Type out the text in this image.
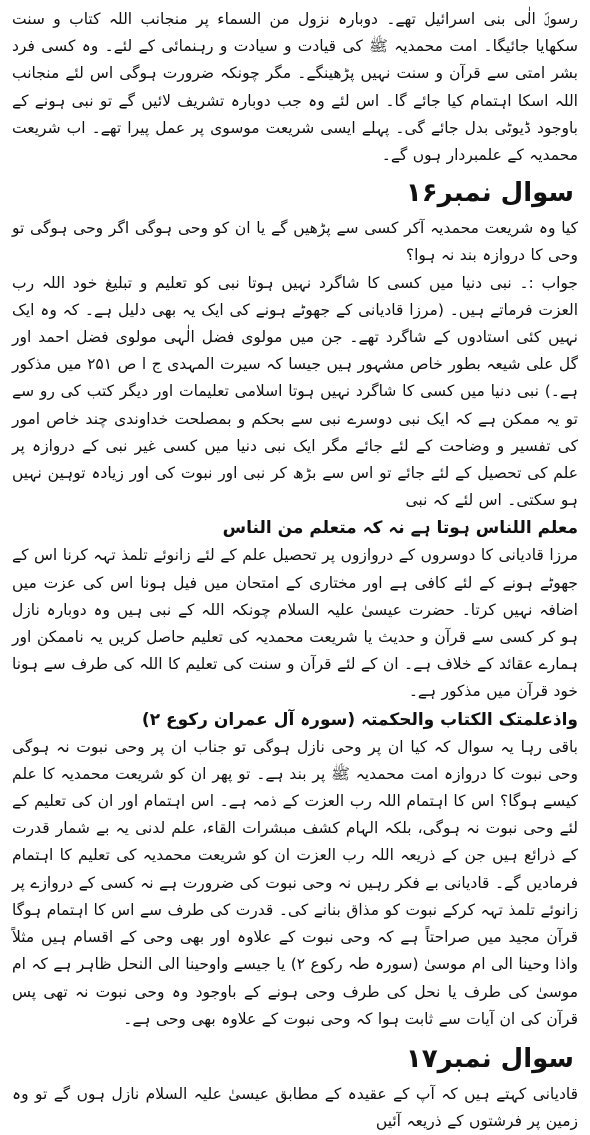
رسولؐ الٰی بنی اسرائیل تھے۔ دوبارہ نزول من السماء پر منجانب اللہ کتاب و سنت سکھایا جائیگا۔ امت محمدیہ ﷺ کی قیادت و سیادت و رہنمائی کے لئے۔ وہ کسی فرد بشر امتی سے قرآن و سنت نہیں پڑھینگے۔ مگر چونکہ ضرورت ہوگی اس لئے منجانب اللہ اسکا اہتمام کیا جائے گا۔ اس لئے وہ جب دوبارہ تشریف لائیں گے تو نبی ہونے کے باوجود ڈیوٹی بدل جائے گی۔ پہلے ایسی شریعت موسوی پر عمل پیرا تھے۔ اب شریعت محمدیہ کے علمبردار ہوں گے۔

سوال نمبر۱۶

کیا وہ شریعت محمدیہ آکر کسی سے پڑھیں گے یا ان کو وحی ہوگی اگر وحی ہوگی تو وحی کا دروازہ بند نہ ہوا؟

جواب :۔ نبی دنیا میں کسی کا شاگرد نہیں ہوتا نبی کو تعلیم و تبلیغ خود اللہ رب العزت فرماتے ہیں۔ (مرزا قادیانی کے جھوٹے ہونے کی ایک یہ بھی دلیل ہے۔ کہ وہ ایک نہیں کئی استادوں کے شاگرد تھے۔ جن میں مولوی فضل الٰہی مولوی فضل احمد اور گل علی شیعہ بطور خاص مشہور ہیں جیسا کہ سیرت المہدی ج ا ص ۲۵۱ میں مذکور ہے۔) نبی دنیا میں کسی کا شاگرد نہیں ہوتا اسلامی تعلیمات اور دیگر کتب کی رو سے تو یہ ممکن ہے کہ ایک نبی دوسرے نبی سے بحکم و بمصلحت خداوندی چند خاص امور کی تفسیر و وضاحت کے لئے جائے مگر ایک نبی دنیا میں کسی غیر نبی کے دروازہ پر علم کی تحصیل کے لئے جائے تو اس سے بڑھ کر نبی اور نبوت کی اور زیادہ توہین نہیں ہو سکتی۔ اس لئے کہ نبی

معلم اللناس ہوتا ہے نہ کہ متعلم من الناس

مرزا قادیانی کا دوسروں کے دروازوں پر تحصیل علم کے لئے زانوئے تلمذ تہہ کرنا اس کے جھوٹے ہونے کے لئے کافی ہے اور مختاری کے امتحان میں فیل ہونا اس کی عزت میں اضافہ نہیں کرتا۔ حضرت عیسیٰ علیہ السلام چونکہ اللہ کے نبی ہیں وہ دوبارہ نازل ہو کر کسی سے قرآن و حدیث یا شریعت محمدیہ کی تعلیم حاصل کریں یہ ناممکن اور ہمارے عقائد کے خلاف ہے۔ ان کے لئے قرآن و سنت کی تعلیم کا اللہ کی طرف سے ہونا خود قرآن میں مذکور ہے۔

واذعلمتک الکتاب والحکمتہ (سورہ آل عمران رکوع ۲)

باقی رہا یہ سوال کہ کیا ان پر وحی نازل ہوگی تو جناب ان پر وحی نبوت نہ ہوگی وحی نبوت کا دروازہ امت محمدیہ ﷺ پر بند ہے۔ تو پھر ان کو شریعت محمدیہ کا علم کیسے ہوگا؟ اس کا اہتمام اللہ رب العزت کے ذمہ ہے۔ اس اہتمام اور ان کی تعلیم کے لئے وحی نبوت نہ ہوگی، بلکہ الہام کشف مبشرات القاء، علم لدنی یہ بے شمار قدرت کے ذرائع ہیں جن کے ذریعہ اللہ رب العزت ان کو شریعت محمدیہ کی تعلیم کا اہتمام فرمادیں گے۔ قادیانی بے فکر رہیں نہ وحی نبوت کی ضرورت ہے نہ کسی کے دروازے پر زانوئے تلمذ تہہ کرکے نبوت کو مذاق بنانے کی۔ قدرت کی طرف سے اس کا اہتمام ہوگا قرآن مجید میں صراحتاً ہے کہ وحی نبوت کے علاوہ اور بھی وحی کے اقسام ہیں مثلاً واذا وحینا الی ام موسیٰ (سورہ طہ رکوع ۲) یا جیسے واوحینا الی النحل ظاہر ہے کہ ام موسیٰ کی طرف یا نحل کی طرف وحی ہونے کے باوجود وہ وحی نبوت نہ تھی پس قرآن کی ان آیات سے ثابت ہوا کہ وحی نبوت کے علاوہ بھی وحی ہے۔

سوال نمبر۱۷

قادیانی کہتے ہیں کہ آپ کے عقیدہ کے مطابق عیسیٰ علیہ السلام نازل ہوں گے تو وہ زمین پر فرشتوں کے ذریعہ آئیں
